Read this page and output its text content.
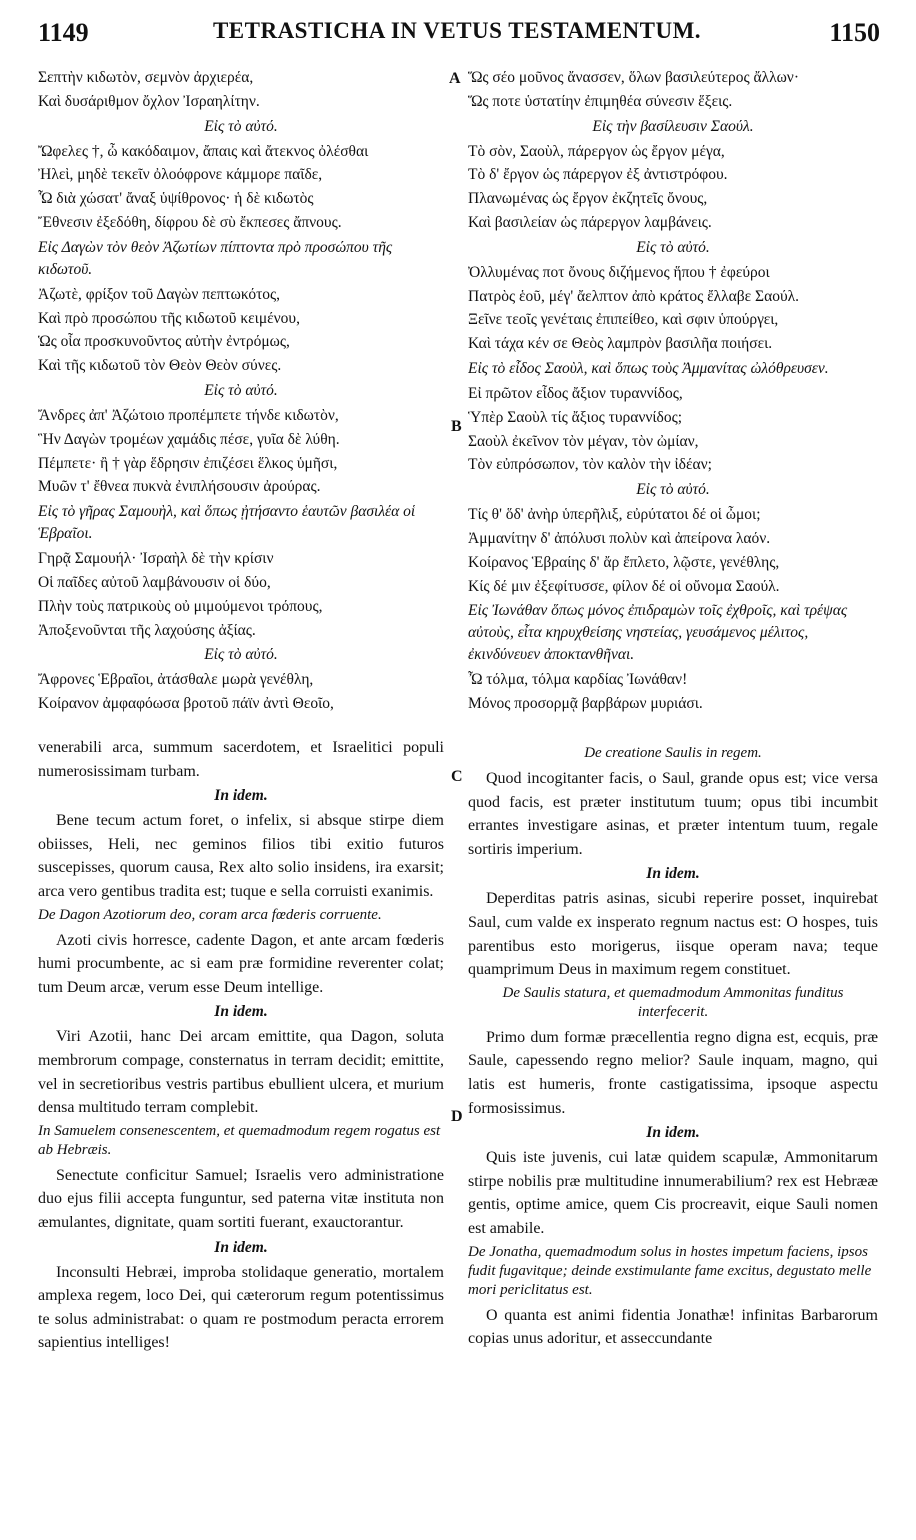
1149	TETRASTICHA IN VETUS TESTAMENTUM.	1150
A
B
C
D
Σεπτὴν κιδωτὸν, σεμνὸν ἀρχιερέα,
Καὶ δυσάριθμον ὄχλον Ἰσραηλίτην.
Εἰς τὸ αὐτό.
Ὤφελες †, ὦ κακόδαιμον, ἄπαις καὶ ἄτεκνος ὀλέσθαι
Ἠλεὶ, μηδὲ τεκεῖν ὀλοόφρονε κάμμορε παῖδε,
Ὧ διὰ χώσατ' ἄναξ ὑψίθρονος· ἡ δὲ κιδωτὸς
Ἔθνεσιν ἐξεδόθη, δίφρου δὲ σὺ ἔκπεσες ἄπνους.
Εἰς Δαγὼν τὸν θεὸν Ἀζωτίων πίπτοντα πρὸ προσώπου τῆς κιδωτοῦ.
Ἀζωτὲ, φρίξον τοῦ Δαγὼν πεπτωκότος,
Καὶ πρὸ προσώπου τῆς κιδωτοῦ κειμένου,
Ὡς οἷα προσκυνοῦντος αὐτὴν ἐντρόμως,
Καὶ τῆς κιδωτοῦ τὸν Θεὸν Θεὸν σύνες.
Εἰς τὸ αὐτό.
Ἄνδρες ἀπ' Ἀζώτοιο προπέμπετε τήνδε κιδωτὸν,
Ἣν Δαγὼν τρομέων χαμάδις πέσε, γυῖα δὲ λύθη.
Πέμπετε· ἢ † γὰρ ἕδρησιν ἐπιζέσει ἕλκος ὑμῆσι,
Μυῶν τ' ἔθνεα πυκνὰ ἐνιπλήσουσιν ἀρούρας.
Εἰς τὸ γῆρας Σαμουὴλ, καὶ ὅπως ᾐτήσαντο ἑαυτῶν βασιλέα οἱ Ἑβραῖοι.
Γηρᾷ Σαμουήλ· Ἰσραὴλ δὲ τὴν κρίσιν
Οἱ παῖδες αὐτοῦ λαμβάνουσιν οἱ δύο,
Πλὴν τοὺς πατρικοὺς οὐ μιμούμενοι τρόπους,
Ἀποξενοῦνται τῆς λαχούσης ἀξίας.
Εἰς τὸ αὐτό.
Ἄφρονες Ἑβραῖοι, ἀτάσθαλε μωρὰ γενέθλη,
Κοίρανον ἀμφαφόωσα βροτοῦ πάϊν ἀντὶ Θεοῖο,
Ὥς σέο μοῦνος ἄνασσεν, ὅλων βασιλεύτερος ἄλλων·
Ὥς ποτε ὑστατίην ἐπιμηθέα σύνεσιν ἕξεις.
Εἰς τὴν βασίλευσιν Σαούλ.
Τὸ σὸν, Σαοὺλ, πάρεργον ὡς ἔργον μέγα,
Τὸ δ' ἔργον ὡς πάρεργον ἐξ ἀντιστρόφου.
Πλανωμένας ὡς ἔργον ἐκζητεῖς ὄνους,
Καὶ βασιλείαν ὡς πάρεργον λαμβάνεις.
Εἰς τὸ αὐτό.
Ὀλλυμένας ποτ ὄνους διζήμενος ἥπου † ἐφεύροι
Πατρὸς ἑοῦ, μέγ' ἄελπτον ἀπὸ κράτος ἔλλαβε Σαούλ.
Ξεῖνε τεοῖς γενέταις ἐπιπείθεο, καὶ σφιν ὑπούργει,
Καὶ τάχα κέν σε Θεὸς λαμπρὸν βασιλῆα ποιήσει.
Εἰς τὸ εἶδος Σαοὺλ, καὶ ὅπως τοὺς Ἀμμανίτας ὠλόθρευσεν.
Εἰ πρῶτον εἶδος ἄξιον τυραννίδος,
Ὑπὲρ Σαοὺλ τίς ἄξιος τυραννίδος;
Σαοὺλ ἐκεῖνον τὸν μέγαν, τὸν ὠμίαν,
Τὸν εὐπρόσωπον, τὸν καλὸν τὴν ἰδέαν;
Εἰς τὸ αὐτό.
Τίς θ' ὅδ' ἀνὴρ ὑπερῆλιξ, εὐρύτατοι δέ οἱ ὦμοι;
Ἀμμανίτην δ' ἀπόλυσι πολὺν καὶ ἀπείρονα λαόν.
Κοίρανος Ἑβραίης δ' ἄρ ἔπλετο, λῷστε, γενέθλης,
Κίς δέ μιν ἐξεφίτυσσε, φίλον δέ οἱ οὔνομα Σαούλ.
Εἰς Ἰωνάθαν ὅπως μόνος ἐπιδραμὼν τοῖς ἐχθροῖς, καὶ τρέψας αὐτοὺς, εἶτα κηρυχθείσης νηστείας, γευσάμενος μέλιτος, ἐκινδύνευεν ἀποκτανθῆναι.
Ὦ τόλμα, τόλμα καρδίας Ἰωνάθαν!
Μόνος προσορμᾷ βαρβάρων μυριάσι.

venerabili arca, summum sacerdotem, et Israelitici populi numerosissimam turbam.

In idem.

Bene tecum actum foret, o infelix, si absque stirpe diem obiisses, Heli, nec geminos filios tibi exitio futuros suscepisses, quorum causa, Rex alto solio insidens, ira exarsit; arca vero gentibus tradita est; tuque e sella corruisti exanimis.

De Dagon Azotiorum deo, coram arca fœderis corruente.

Azoti civis horresce, cadente Dagon, et ante arcam fœderis humi procumbente, ac si eam præ formidine reverenter colat; tum Deum arcæ, verum esse Deum intellige.

In idem.

Viri Azotii, hanc Dei arcam emittite, qua Dagon, soluta membrorum compage, consternatus in terram decidit; emittite, vel in secretioribus vestris partibus ebullient ulcera, et murium densa multitudo terram complebit.

In Samuelem consenescentem, et quemadmodum regem rogatus est ab Hebræis.

Senectute conficitur Samuel; Israelis vero administratione duo ejus filii accepta funguntur, sed paterna vitæ instituta non æmulantes, dignitate, quam sortiti fuerant, exauctorantur.

In idem.

Inconsulti Hebræi, improba stolidaque generatio, mortalem amplexa regem, loco Dei, qui cæterorum regum potentissimus te solus administrabat: o quam re postmodum peracta errorem sapientius intelliges!

De creatione Saulis in regem.

Quod incogitanter facis, o Saul, grande opus est; vice versa quod facis, est præter institutum tuum; opus tibi incumbit errantes investigare asinas, et præter intentum tuum, regale sortiris imperium.

In idem.

Deperditas patris asinas, sicubi reperire posset, inquirebat Saul, cum valde ex insperato regnum nactus est: O hospes, tuis parentibus esto morigerus, iisque operam nava; teque quamprimum Deus in maximum regem constituet.

De Saulis statura, et quemadmodum Ammonitas funditus interfecerit.

Primo dum formæ præcellentia regno digna est, ecquis, præ Saule, capessendo regno melior? Saule inquam, magno, qui latis est humeris, fronte castigatissima, ipsoque aspectu formosissimus.

In idem.

Quis iste juvenis, cui latæ quidem scapulæ, Ammonitarum stirpe nobilis præ multitudine innumerabilium? rex est Hebrææ gentis, optime amice, quem Cis procreavit, eique Sauli nomen est amabile.

De Jonatha, quemadmodum solus in hostes impetum faciens, ipsos fudit fugavitque; deinde exstimulante fame excitus, degustato melle mori periclitatus est.

O quanta est animi fidentia Jonathæ! infinitas Barbarorum copias unus adoritur, et asseccundante
